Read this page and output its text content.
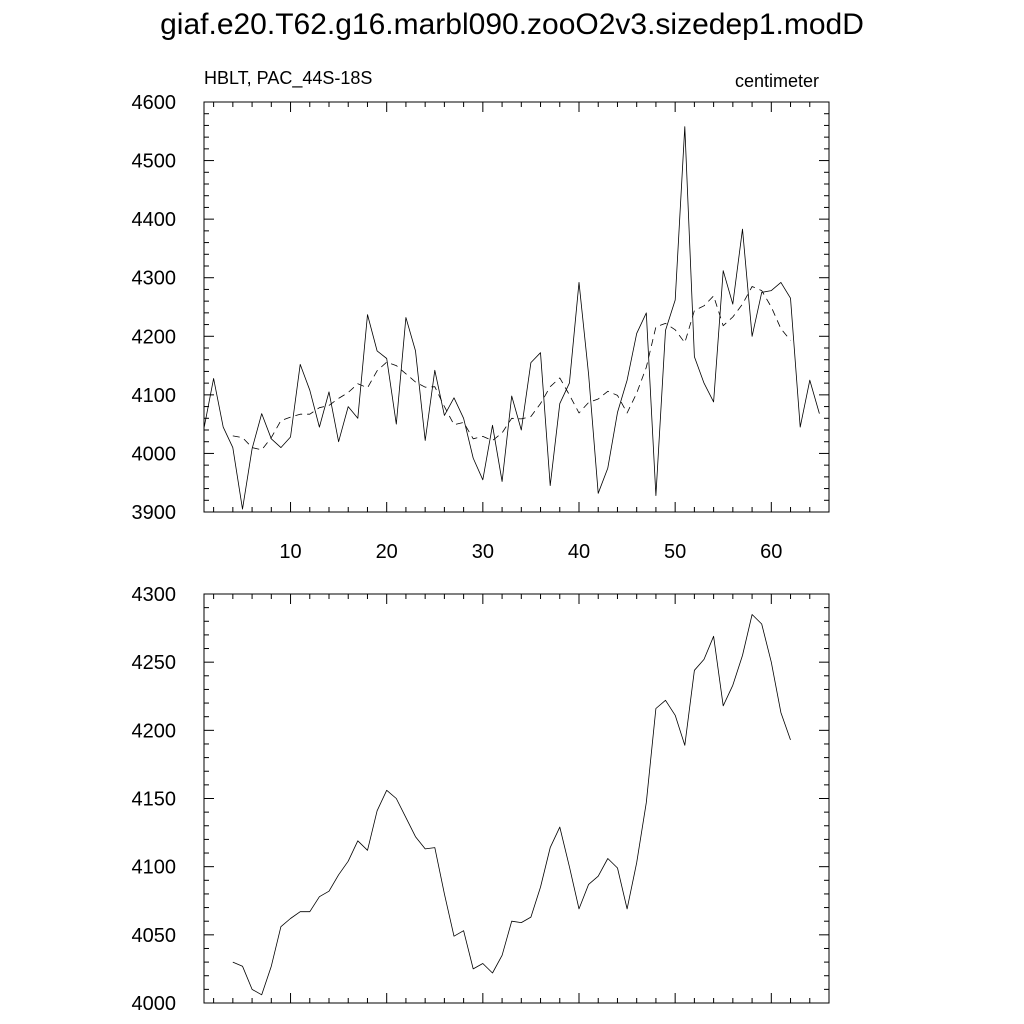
giaf.e20.T62.g16.marbl090.zooO2v3.sizedep1.modD
3900
4000
4100
4200
4300
4400
4500
4600
10	20	30	40	50	60
HBLT, PAC_44S-18S	centimeter
4000
4050
4100
4150
4200
4250
4300
